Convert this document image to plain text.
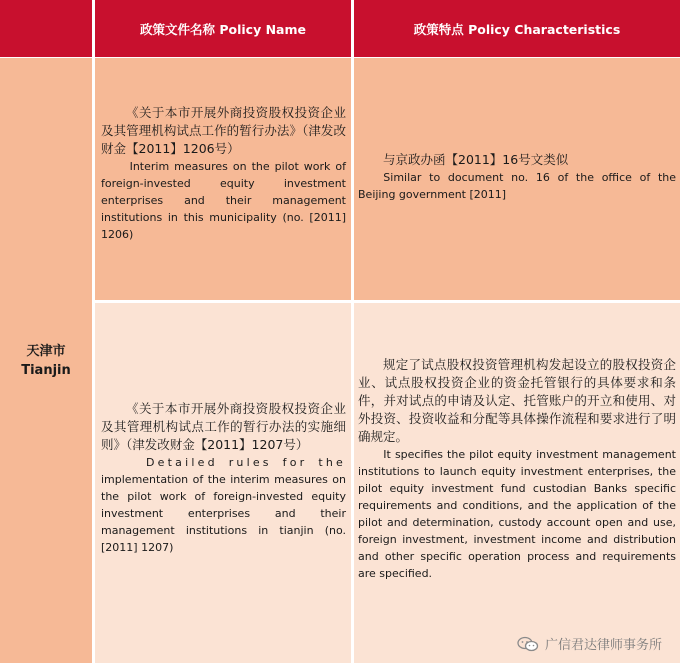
政策文件名称 Policy Name	政策特点 Policy Characteristics
天津市
Tianjin
《关于本市开展外商投资股权投资企业及其管理机构试点工作的暂行办法》（津发改财金【2011】1206号）
Interim measures on the pilot work of foreign-invested equity investment enterprises and their management institutions in this municipality (no. [2011] 1206)
与京政办函【2011】16号文类似
Similar to document no. 16 of the office of the Beijing government [2011]
《关于本市开展外商投资股权投资企业及其管理机构试点工作的暂行办法的实施细则》（津发改财金【2011】1207号）
Detailed rules for the
implementation of the interim measures on the pilot work of foreign-invested equity investment enterprises and their management institutions in tianjin (no. [2011] 1207)
规定了试点股权投资管理机构发起设立的股权投资企业、试点股权投资企业的资金托管银行的具体要求和条件，并对试点的申请及认定、托管账户的开立和使用、对外投资、投资收益和分配等具体操作流程和要求进行了明确规定。
It specifies the pilot equity investment management institutions to launch equity investment enterprises, the pilot equity investment fund custodian Banks specific requirements and conditions, and the application of the pilot and determination, custody account open and use, foreign investment, investment income and distribution and other specific operation process and requirements are specified.
广信君达律师事务所
